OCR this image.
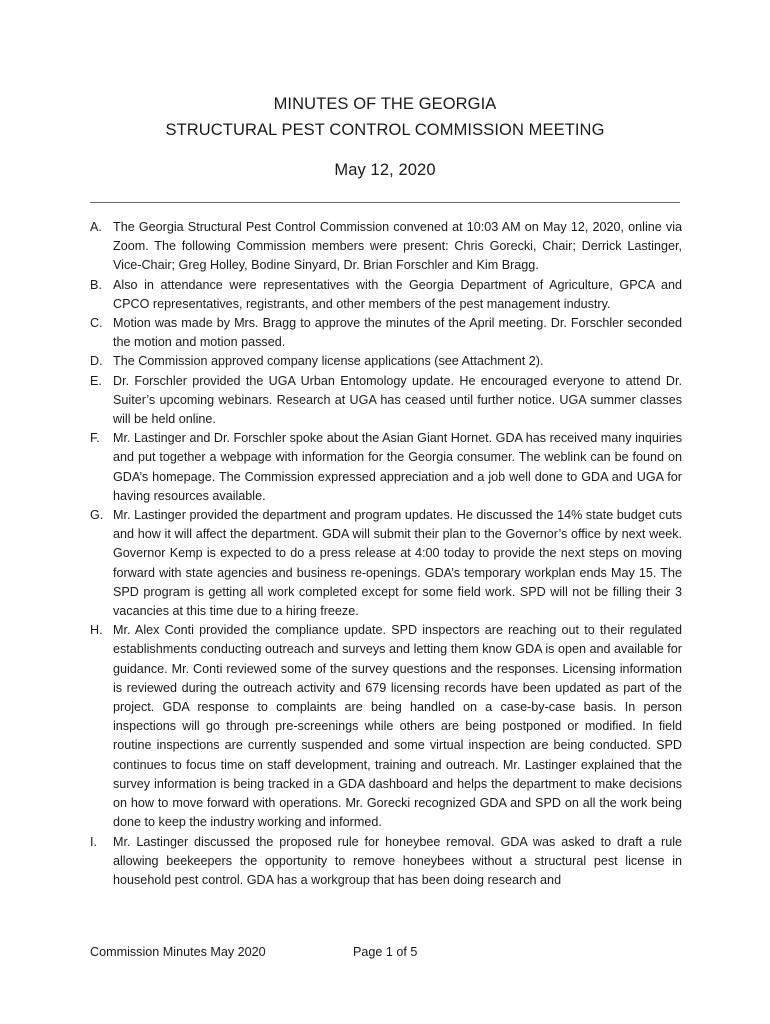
MINUTES OF THE GEORGIA
STRUCTURAL PEST CONTROL COMMISSION MEETING
May 12, 2020
A. The Georgia Structural Pest Control Commission convened at 10:03 AM on May 12, 2020, online via Zoom. The following Commission members were present: Chris Gorecki, Chair; Derrick Lastinger, Vice-Chair; Greg Holley, Bodine Sinyard, Dr. Brian Forschler and Kim Bragg.
B. Also in attendance were representatives with the Georgia Department of Agriculture, GPCA and CPCO representatives, registrants, and other members of the pest management industry.
C. Motion was made by Mrs. Bragg to approve the minutes of the April meeting. Dr. Forschler seconded the motion and motion passed.
D. The Commission approved company license applications (see Attachment 2).
E. Dr. Forschler provided the UGA Urban Entomology update. He encouraged everyone to attend Dr. Suiter’s upcoming webinars. Research at UGA has ceased until further notice. UGA summer classes will be held online.
F. Mr. Lastinger and Dr. Forschler spoke about the Asian Giant Hornet. GDA has received many inquiries and put together a webpage with information for the Georgia consumer. The weblink can be found on GDA’s homepage. The Commission expressed appreciation and a job well done to GDA and UGA for having resources available.
G. Mr. Lastinger provided the department and program updates. He discussed the 14% state budget cuts and how it will affect the department. GDA will submit their plan to the Governor’s office by next week. Governor Kemp is expected to do a press release at 4:00 today to provide the next steps on moving forward with state agencies and business re-openings. GDA’s temporary workplan ends May 15. The SPD program is getting all work completed except for some field work. SPD will not be filling their 3 vacancies at this time due to a hiring freeze.
H. Mr. Alex Conti provided the compliance update. SPD inspectors are reaching out to their regulated establishments conducting outreach and surveys and letting them know GDA is open and available for guidance. Mr. Conti reviewed some of the survey questions and the responses. Licensing information is reviewed during the outreach activity and 679 licensing records have been updated as part of the project. GDA response to complaints are being handled on a case-by-case basis. In person inspections will go through pre-screenings while others are being postponed or modified. In field routine inspections are currently suspended and some virtual inspection are being conducted. SPD continues to focus time on staff development, training and outreach. Mr. Lastinger explained that the survey information is being tracked in a GDA dashboard and helps the department to make decisions on how to move forward with operations. Mr. Gorecki recognized GDA and SPD on all the work being done to keep the industry working and informed.
I. Mr. Lastinger discussed the proposed rule for honeybee removal. GDA was asked to draft a rule allowing beekeepers the opportunity to remove honeybees without a structural pest license in household pest control. GDA has a workgroup that has been doing research and
Commission Minutes May 2020	Page 1 of 5
